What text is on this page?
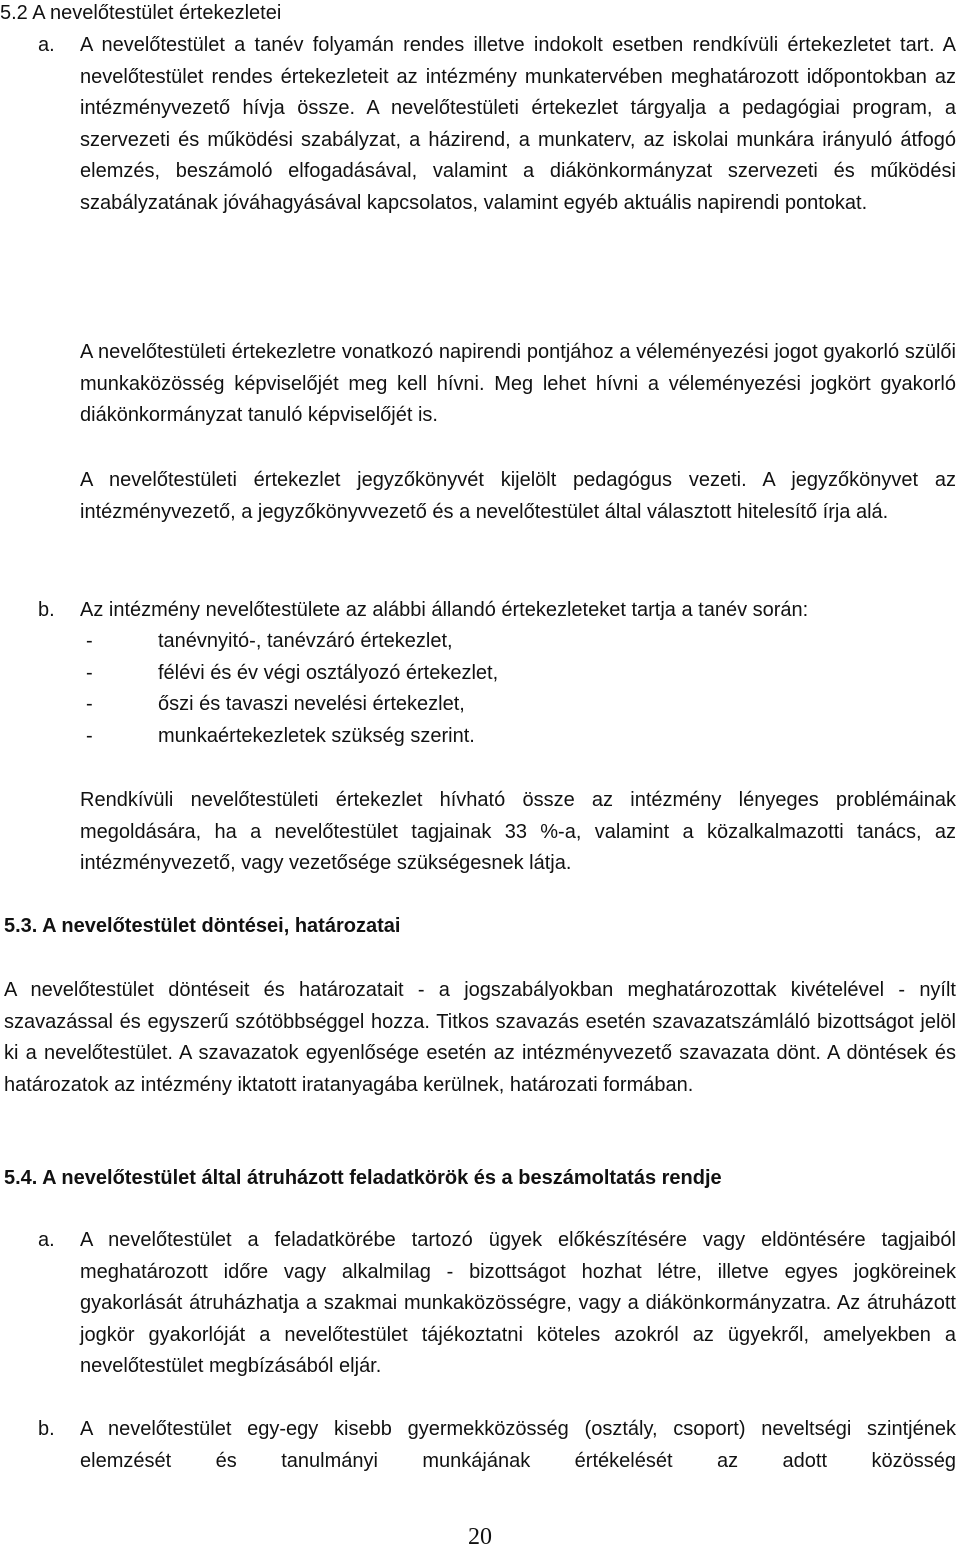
5.2 A nevelőtestület értekezletei
a. A nevelőtestület a tanév folyamán rendes illetve indokolt esetben rendkívüli értekezletet tart. A nevelőtestület rendes értekezleteit az intézmény munkatervében meghatározott időpontokban az intézményvezető hívja össze. A nevelőtestületi értekezlet tárgyalja a pedagógiai program, a szervezeti és működési szabályzat, a házirend, a munkaterv, az iskolai munkára irányuló átfogó elemzés, beszámoló elfogadásával, valamint a diákönkormányzat szervezeti és működési szabályzatának jóváhagyásával kapcsolatos, valamint egyéb aktuális napirendi pontokat.

A nevelőtestületi értekezletre vonatkozó napirendi pontjához a véleményezési jogot gyakorló szülői munkaközösség képviselőjét meg kell hívni. Meg lehet hívni a véleményezési jogkört gyakorló diákönkormányzat tanuló képviselőjét is.

A nevelőtestületi értekezlet jegyzőkönyvét kijelölt pedagógus vezeti. A jegyzőkönyvet az intézményvezető, a jegyzőkönyvvezető és a nevelőtestület által választott hitelesítő írja alá.

b. Az intézmény nevelőtestülete az alábbi állandó értekezleteket tartja a tanév során:

-	tanévnyitó-, tanévzáró értekezlet,
-	félévi és év végi osztályozó értekezlet,
-	őszi és tavaszi nevelési értekezlet,
-	munkaértekezletek szükség szerint.

Rendkívüli nevelőtestületi értekezlet hívható össze az intézmény lényeges problémáinak megoldására, ha a nevelőtestület tagjainak 33 %-a, valamint a közalkalmazotti tanács, az intézményvezető, vagy vezetősége szükségesnek látja.

5.3. A nevelőtestület döntései, határozatai

A nevelőtestület döntéseit és határozatait - a jogszabályokban meghatározottak kivételével - nyílt szavazással és egyszerű szótöbbséggel hozza. Titkos szavazás esetén szavazatszámláló bizottságot jelöl ki a nevelőtestület. A szavazatok egyenlősége esetén az intézményvezető szavazata dönt. A döntések és határozatok az intézmény iktatott iratanyagába kerülnek, határozati formában.

5.4. A nevelőtestület által átruházott feladatkörök és a beszámoltatás rendje
a. A nevelőtestület a feladatkörébe tartozó ügyek előkészítésére vagy eldöntésére tagjaiból meghatározott időre vagy alkalmilag - bizottságot hozhat létre, illetve egyes jogköreinek gyakorlását átruházhatja a szakmai munkaközösségre, vagy a diákönkormányzatra. Az átruházott jogkör gyakorlóját a nevelőtestület tájékoztatni köteles azokról az ügyekről, amelyekben a nevelőtestület megbízásából eljár.

b. A nevelőtestület egy-egy kisebb gyermekközösség (osztály, csoport) neveltségi szintjének elemzését és tanulmányi munkájának értékelését az adott közösség

20
